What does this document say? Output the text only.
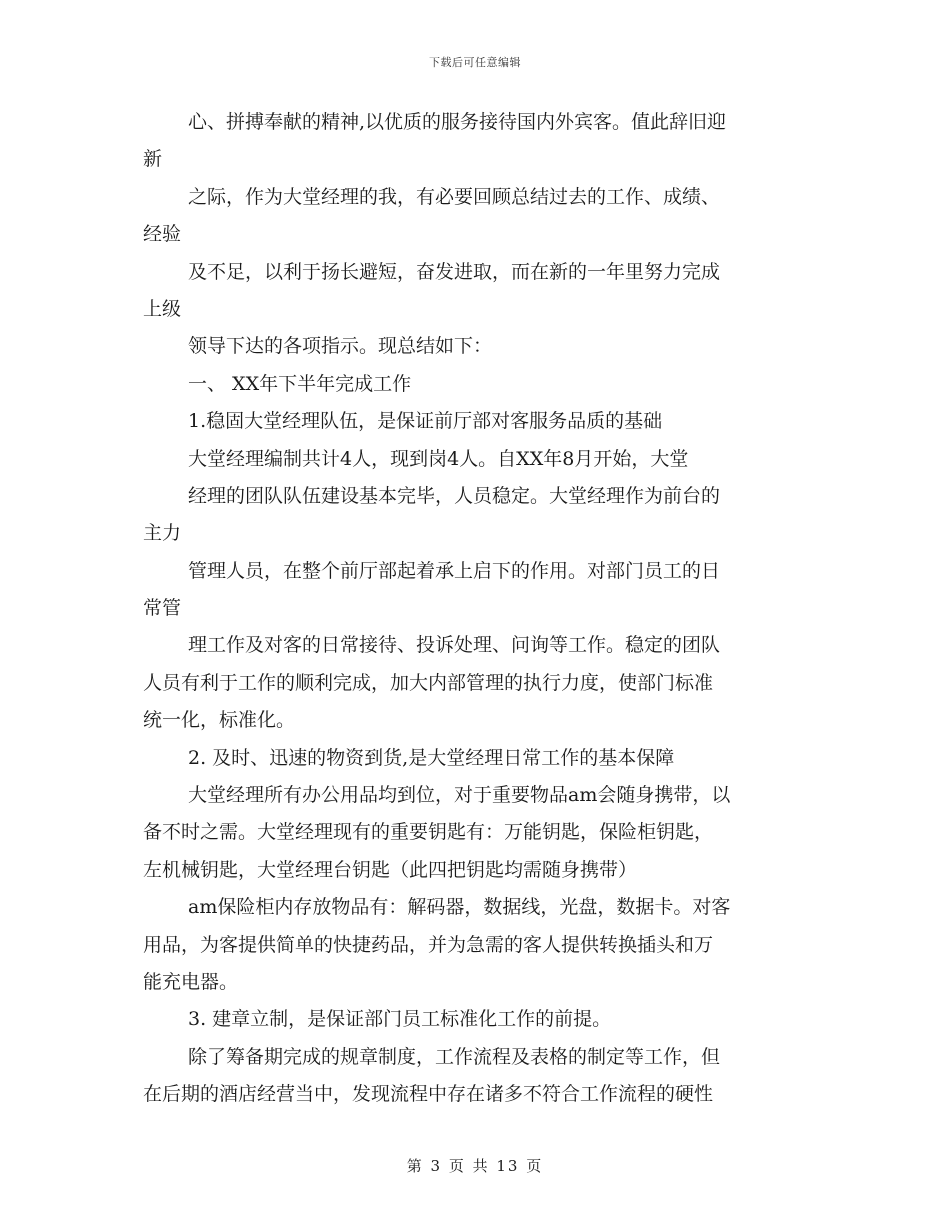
下载后可任意编辑
心、拼搏奉献的精神,以优质的服务接待国内外宾客。值此辞旧迎
新
之际，作为大堂经理的我，有必要回顾总结过去的工作、成绩、
经验
及不足，以利于扬长避短，奋发进取，而在新的一年里努力完成
上级
领导下达的各项指示。现总结如下：
一、 XX年下半年完成工作
1.稳固大堂经理队伍，是保证前厅部对客服务品质的基础
大堂经理编制共计4人，现到岗4人。自XX年8月开始，大堂
经理的团队队伍建设基本完毕，人员稳定。大堂经理作为前台的
主力
管理人员，在整个前厅部起着承上启下的作用。对部门员工的日
常管
理工作及对客的日常接待、投诉处理、问询等工作。稳定的团队
人员有利于工作的顺利完成，加大内部管理的执行力度，使部门标准
统一化，标准化。
2. 及时、迅速的物资到货,是大堂经理日常工作的基本保障
大堂经理所有办公用品均到位，对于重要物品am会随身携带，以
备不时之需。大堂经理现有的重要钥匙有：万能钥匙，保险柜钥匙，
左机械钥匙，大堂经理台钥匙（此四把钥匙均需随身携带）
am保险柜内存放物品有：解码器，数据线，光盘，数据卡。对客
用品，为客提供简单的快捷药品，并为急需的客人提供转换插头和万
能充电器。
3. 建章立制，是保证部门员工标准化工作的前提。
除了筹备期完成的规章制度，工作流程及表格的制定等工作，但
在后期的酒店经营当中，发现流程中存在诸多不符合工作流程的硬性
第 3 页 共 13 页
